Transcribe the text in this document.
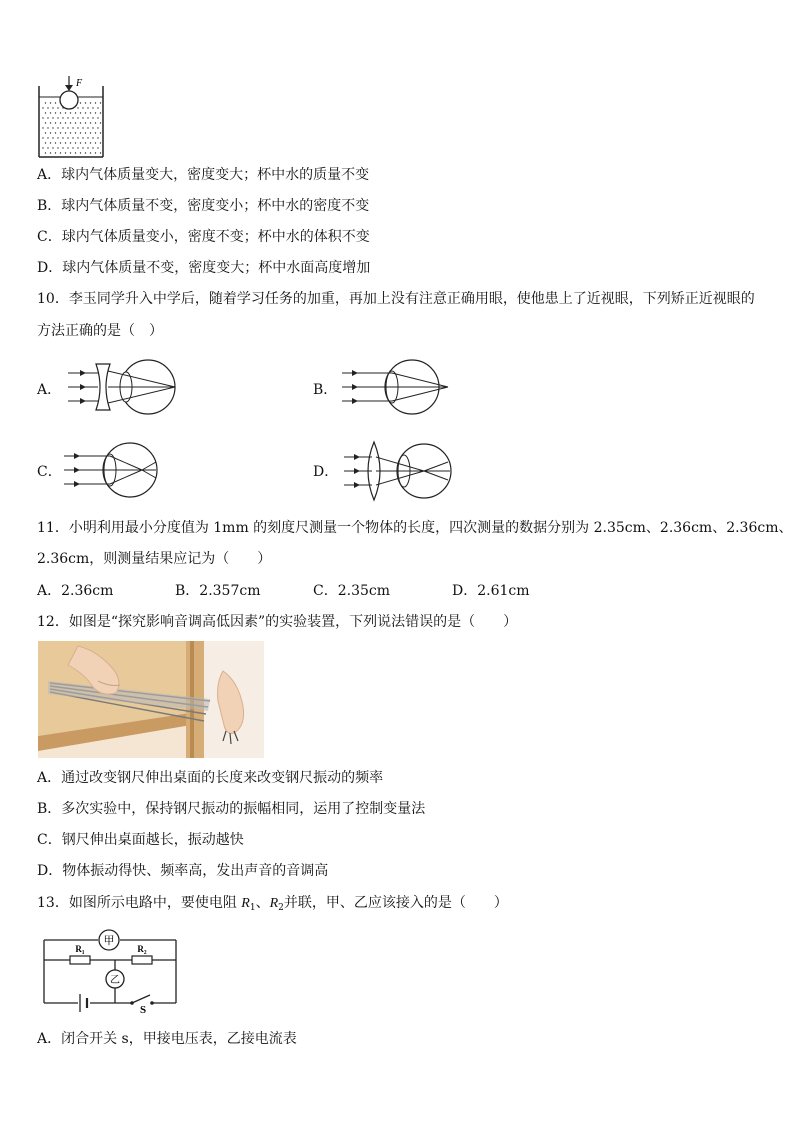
F
A．球内气体质量变大，密度变大；杯中水的质量不变
B．球内气体质量不变，密度变小；杯中水的密度不变
C．球内气体质量变小，密度不变；杯中水的体积不变
D．球内气体质量不变，密度变大；杯中水面高度增加
10．李玉同学升入中学后，随着学习任务的加重，再加上没有注意正确用眼，使他患上了近视眼，下列矫正近视眼的
方法正确的是（　）
A．	B．
C．	D．
11．小明利用最小分度值为 1mm 的刻度尺测量一个物体的长度，四次测量的数据分别为 2.35cm、2.36cm、2.36cm、
2.36cm，则测量结果应记为（　　）
A．2.36cm	B．2.357cm	C．2.35cm	D．2.61cm
12．如图是“探究影响音调高低因素”的实验装置，下列说法错误的是（　　）
A．通过改变钢尺伸出桌面的长度来改变钢尺振动的频率
B．多次实验中，保持钢尺振动的振幅相同，运用了控制变量法
C．钢尺伸出桌面越长，振动越快
D．物体振动得快、频率高，发出声音的音调高
13．如图所示电路中，要使电阻 $R_1$、$R_2$并联，甲、乙应该接入的是（　　）
甲
R₁	R₂
乙
S
A．闭合开关 s，甲接电压表，乙接电流表
